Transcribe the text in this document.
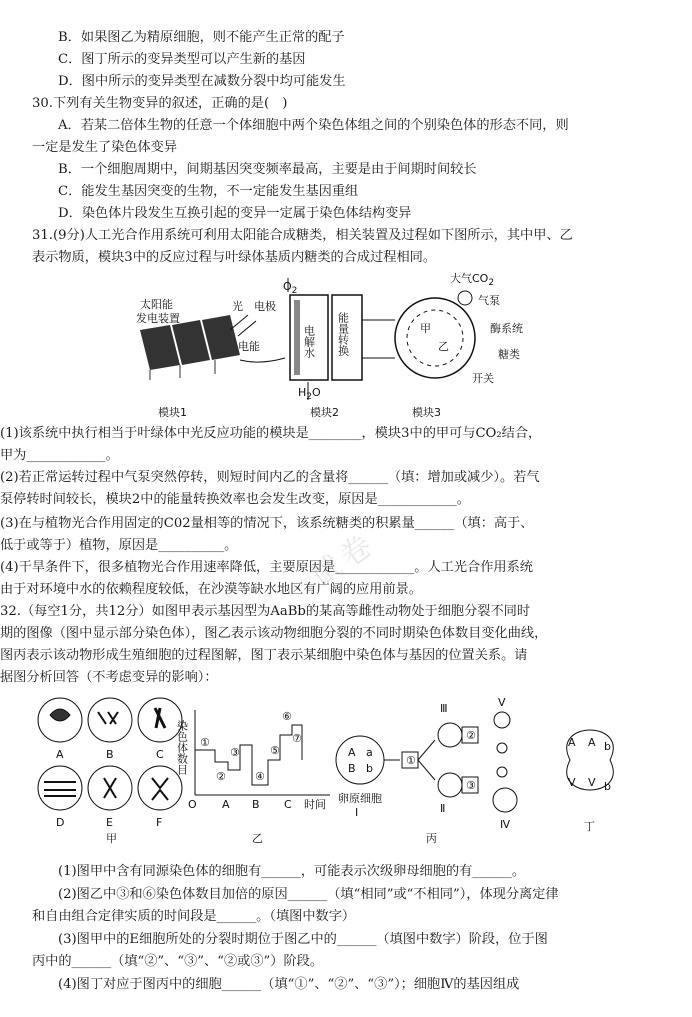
B．如果图乙为精原细胞，则不能产生正常的配子
C．图丁所示的变异类型可以产生新的基因
D．图中所示的变异类型在减数分裂中均可能发生
30.下列有关生物变异的叙述，正确的是(　)
A．若某二倍体生物的任意一个体细胞中两个染色体组之间的个别染色体的形态不同，则
一定是发生了染色体变异
B．一个细胞周期中，间期基因突变频率最高，主要是由于间期时间较长
C．能发生基因突变的生物，不一定能发生基因重组
D．染色体片段发生互换引起的变异一定属于染色体结构变异
31.(9分)人工光合作用系统可利用太阳能合成糖类，相关装置及过程如下图所示，其中甲、乙
表示物质，模块3中的反应过程与叶绿体基质内糖类的合成过程相同。
太阳能
发电装置
光 电极
电能	电解水
$O_2$
$H_2O$
能量转换	甲
乙
大气$CO_2$
气泵
酶系统
糖类
开关
模块1	模块2	模块3
(1)该系统中执行相当于叶绿体中光反应功能的模块是________，模块3中的甲可与CO₂结合，
甲为____________。
(2)若正常运转过程中气泵突然停转，则短时间内乙的含量将______（填：增加或减少）。若气
泵停转时间较长，模块2中的能量转换效率也会发生改变，原因是____________。
(3)在与植物光合作用固定的C02量相等的情况下，该系统糖类的积累量______（填：高于、
低于或等于）植物，原因是__________。
(4)干旱条件下，很多植物光合作用速率降低，主要原因是____________。人工光合作用系统
由于对环境中水的依赖程度较低，在沙漠等缺水地区有广阔的应用前景。
32.（每空1分，共12分）如图甲表示基因型为AaBb的某高等雌性动物处于细胞分裂不同时
期的图像（图中显示部分染色体），图乙表示该动物细胞分裂的不同时期染色体数目变化曲线，
图丙表示该动物形成生殖细胞的过程图解，图丁表示某细胞中染色体与基因的位置关系。请
据图分析回答（不考虑变异的影响）：
A	B	C
D	E	F
甲
染色体数目
O A B C 时间
①
②
③
④
⑤
⑥
⑦
乙
A a
B b
①
②
③
卵原细胞
Ⅰ	Ⅱ
Ⅲ
Ⅳ
Ⅴ
丙
A A b
V V b
丁
(1)图甲中含有同源染色体的细胞有______，可能表示次级卵母细胞的有______。
(2)图乙中③和⑥染色体数目加倍的原因______（填“相同”或“不相同”），体现分离定律
和自由组合定律实质的时间段是______。（填图中数字）
(3)图甲中的E细胞所处的分裂时期位于图乙中的______（填图中数字）阶段，位于图
丙中的______（填“②”、“③”、“②或③”）阶段。
(4)图丁对应于图丙中的细胞______（填“①”、“②”、“③”）；细胞Ⅳ的基因组成
试卷
